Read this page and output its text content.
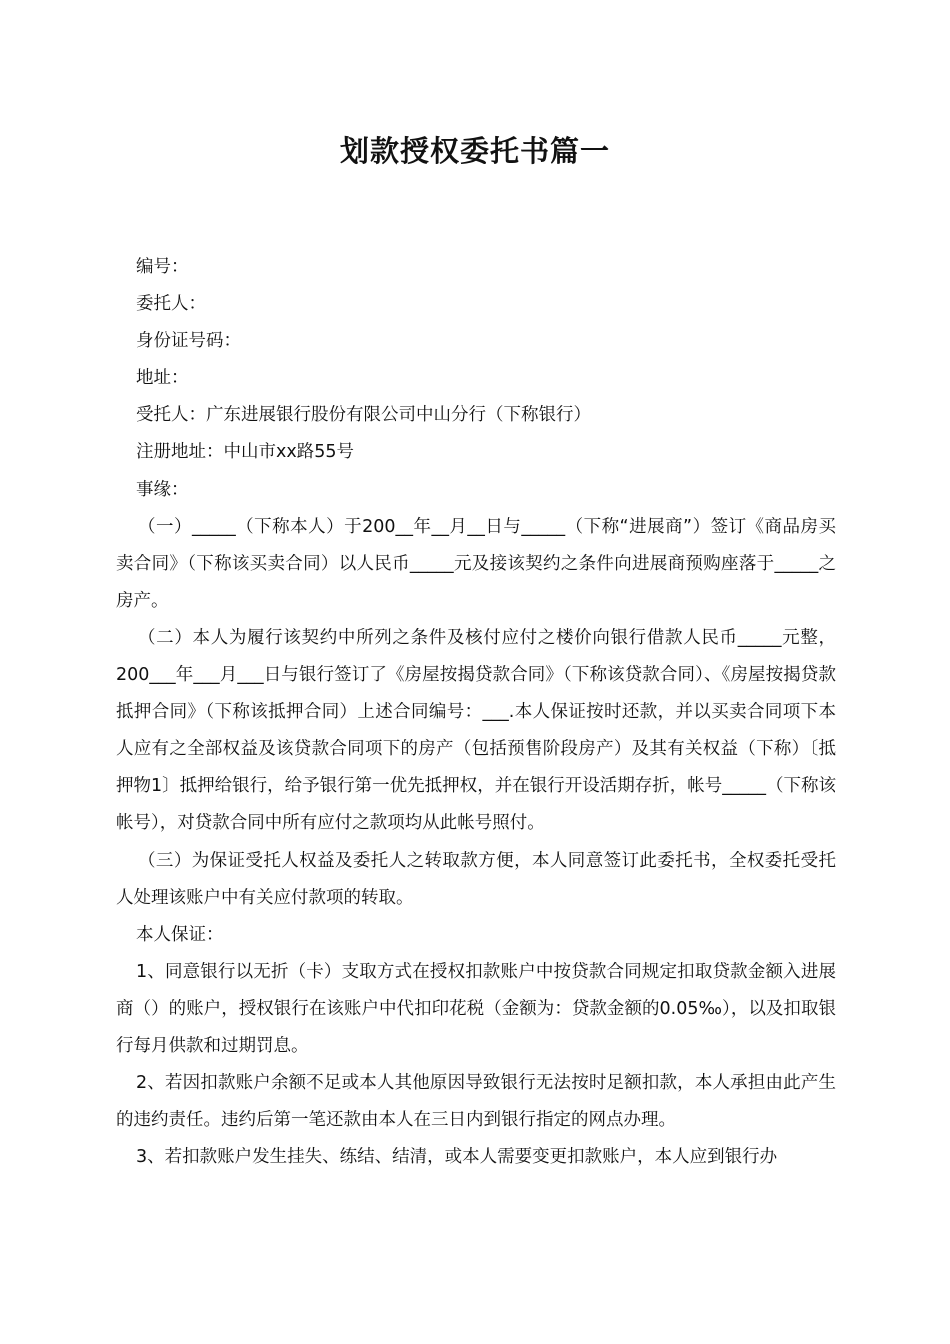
划款授权委托书篇一

编号：

委托人：

身份证号码：

地址：

受托人：广东进展银行股份有限公司中山分行（下称银行）

注册地址：中山市xx路55号

事缘：

（一）_____（下称本人）于200__年__月__日与_____（下称“进展商”）签订《商品房买卖合同》（下称该买卖合同）以人民币_____元及接该契约之条件向进展商预购座落于_____之房产。

（二）本人为履行该契约中所列之条件及核付应付之楼价向银行借款人民币_____元整，200___年___月___日与银行签订了《房屋按揭贷款合同》（下称该贷款合同）、《房屋按揭贷款抵押合同》（下称该抵押合同）上述合同编号：___.本人保证按时还款，并以买卖合同项下本人应有之全部权益及该贷款合同项下的房产（包括预售阶段房产）及其有关权益（下称）〔抵押物1〕抵押给银行，给予银行第一优先抵押权，并在银行开设活期存折，帐号_____（下称该帐号），对贷款合同中所有应付之款项均从此帐号照付。

（三）为保证受托人权益及委托人之转取款方便，本人同意签订此委托书，全权委托受托人处理该账户中有关应付款项的转取。

本人保证：

1、同意银行以无折（卡）支取方式在授权扣款账户中按贷款合同规定扣取贷款金额入进展商（）的账户，授权银行在该账户中代扣印花税（金额为：贷款金额的0.05‰），以及扣取银行每月供款和过期罚息。

2、若因扣款账户余额不足或本人其他原因导致银行无法按时足额扣款，本人承担由此产生的违约责任。违约后第一笔还款由本人在三日内到银行指定的网点办理。

3、若扣款账户发生挂失、练结、结清，或本人需要变更扣款账户，本人应到银行办
